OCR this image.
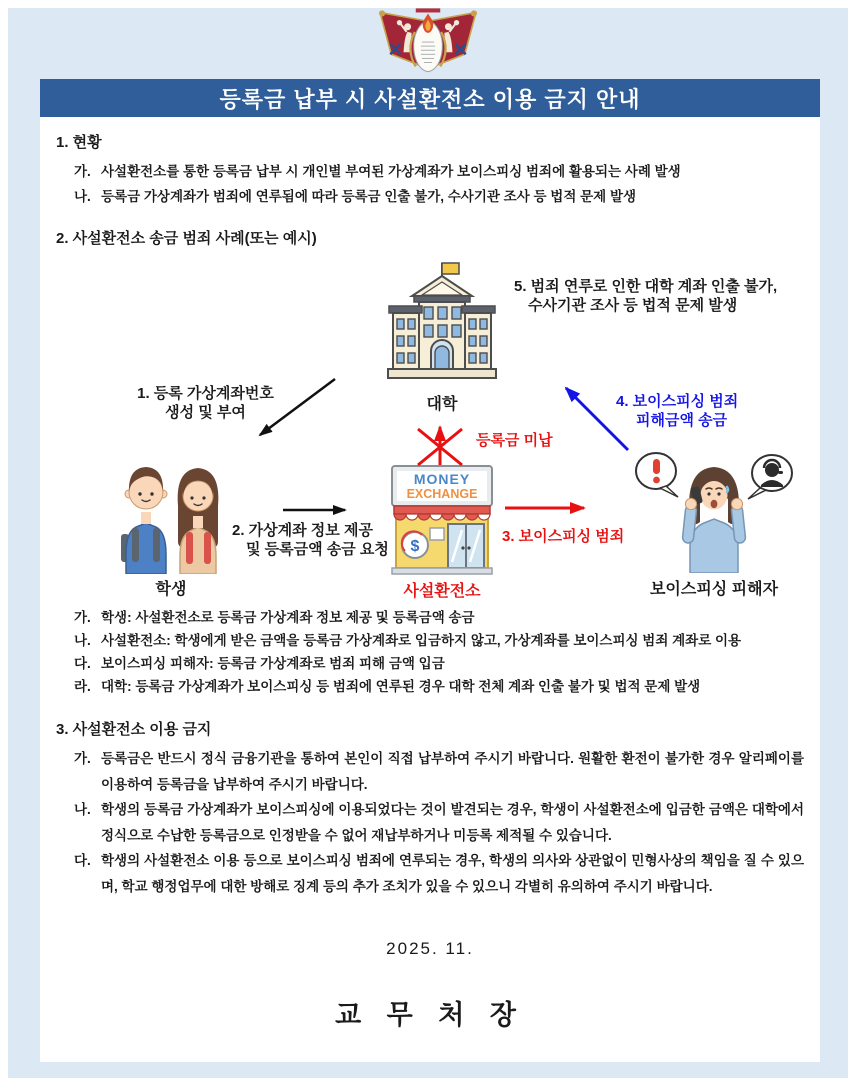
등록금 납부 시 사설환전소 이용 금지 안내
1. 현황
가. 사설환전소를 통한 등록금 납부 시 개인별 부여된 가상계좌가 보이스피싱 범죄에 활용되는 사례 발생
나. 등록금 가상계좌가 범죄에 연루됨에 따라 등록금 인출 불가, 수사기관 조사 등 법적 문제 발생
2. 사설환전소 송금 범죄 사례(또는 예시)
대학
5. 범죄 연루로 인한 대학 계좌 인출 불가,
수사기관 조사 등 법적 문제 발생
1. 등록 가상계좌번호
생성 및 부여
학생
2. 가상계좌 정보 제공
및 등록금액 송금 요청
MONEY
EXCHANGE
$
사설환전소
등록금 미납
3. 보이스피싱 범죄
4. 보이스피싱 범죄
피해금액 송금
보이스피싱 피해자
가. 학생: 사설환전소로 등록금 가상계좌 정보 제공 및 등록금액 송금
나. 사설환전소: 학생에게 받은 금액을 등록금 가상계좌로 입금하지 않고, 가상계좌를 보이스피싱 범죄 계좌로 이용
다. 보이스피싱 피해자: 등록금 가상계좌로 범죄 피해 금액 입금
라. 대학: 등록금 가상계좌가 보이스피싱 등 범죄에 연루된 경우 대학 전체 계좌 인출 불가 및 법적 문제 발생
3. 사설환전소 이용 금지
가. 등록금은 반드시 정식 금융기관을 통하여 본인이 직접 납부하여 주시기 바랍니다. 원활한 환전이 불가한 경우 알리페이를 이용하여 등록금을 납부하여 주시기 바랍니다.
나. 학생의 등록금 가상계좌가 보이스피싱에 이용되었다는 것이 발견되는 경우, 학생이 사설환전소에 입금한 금액은 대학에서 정식으로 수납한 등록금으로 인정받을 수 없어 재납부하거나 미등록 제적될 수 있습니다.
다. 학생의 사설환전소 이용 등으로 보이스피싱 범죄에 연루되는 경우, 학생의 의사와 상관없이 민형사상의 책임을 질 수 있으며, 학교 행정업무에 대한 방해로 징계 등의 추가 조치가 있을 수 있으니 각별히 유의하여 주시기 바랍니다.
2025. 11.
교 무 처 장
